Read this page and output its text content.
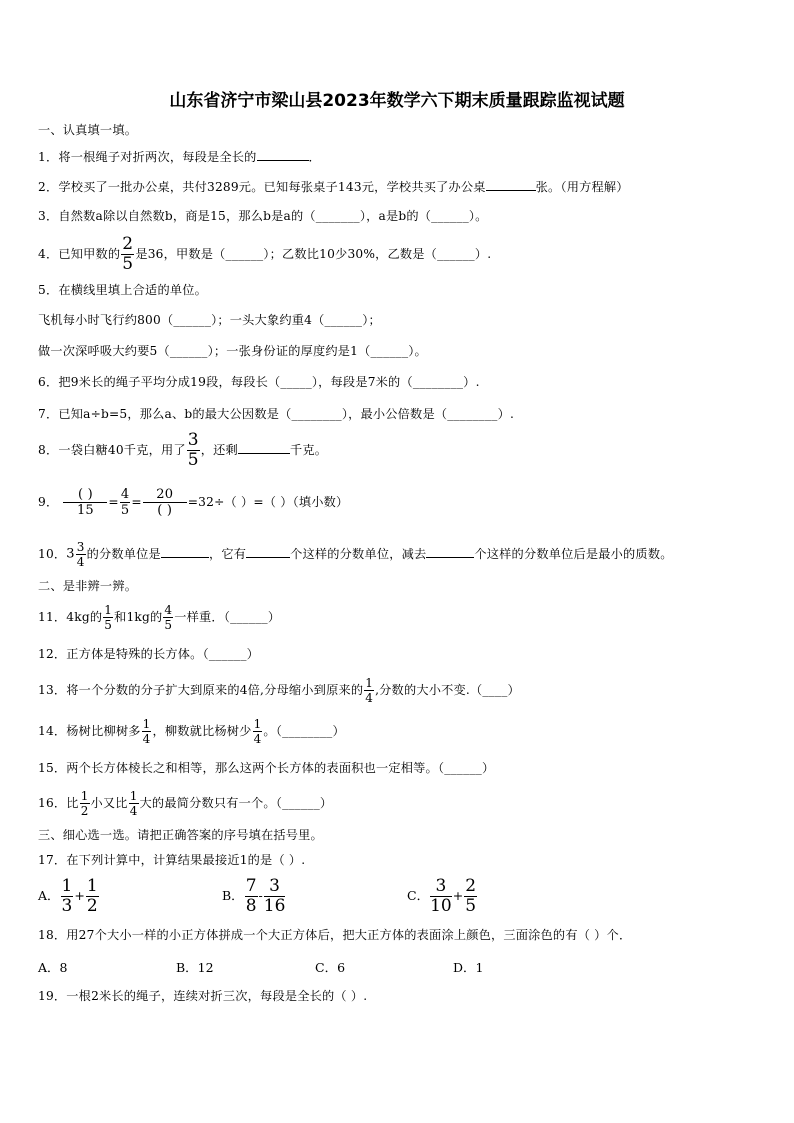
山东省济宁市梁山县2023年数学六下期末质量跟踪监视试题
一、认真填一填。
1．将一根绳子对折两次，每段是全长的	．
2．学校买了一批办公桌，共付3289元。已知每张桌子143元，学校共买了办公桌	张。（用方程解）
3．自然数a除以自然数b，商是15，那么b是a的（_______），a是b的（______）。
4．已知甲数的 $\frac{2}{5}$ 是36，甲数是（______）；乙数比10少30%，乙数是（______）.
5．在横线里填上合适的单位。
飞机每小时飞行约800（______）；一头大象约重4（______）；
做一次深呼吸大约要5（______）；一张身份证的厚度约是1（______）。
6．把9米长的绳子平均分成19段，每段长（_____），每段是7米的（________）.
7．已知a÷b=5，那么a、b的最大公因数是（________），最小公倍数是（________）.
8．一袋白糖40千克，用了 $\frac{3}{5}$ ，还剩	千克。
9． $\frac{( )}{15} = \frac{4}{5} = \frac{20}{( )} =32\div$（ ）=（ ）（填小数）
10．$3 \frac{3}{4}$ 的分数单位是	，它有	个这样的分数单位，减去	个这样的分数单位后是最小的质数。
二、是非辨一辨。
11．4kg的 $\frac{1}{5}$ 和1kg的 $\frac{4}{5}$ 一样重．（______）
12．正方体是特殊的长方体。（______）
13．将一个分数的分子扩大到原来的4倍,分母缩小到原来的 $\frac{1}{4}$ ,分数的大小不变.（____）
14．杨树比柳树多 $\frac{1}{4}$ ，柳数就比杨树少 $\frac{1}{4}$ 。（________）
15．两个长方体棱长之和相等，那么这两个长方体的表面积也一定相等。（______）
16．比 $\frac{1}{2}$ 小又比 $\frac{1}{4}$ 大的最简分数只有一个。（______）
三、细心选一选。请把正确答案的序号填在括号里。
17．在下列计算中，计算结果最接近1的是（ ）.
A． $\frac{1}{3} + \frac{1}{2}$	B． $\frac{7}{8} - \frac{3}{16}$	C． $\frac{3}{10} + \frac{2}{5}$
18．用27个大小一样的小正方体拼成一个大正方体后，把大正方体的表面涂上颜色，三面涂色的有（ ）个．
A．8	B．12	C．6	D．1
19．一根2米长的绳子，连续对折三次，每段是全长的（ ）.
